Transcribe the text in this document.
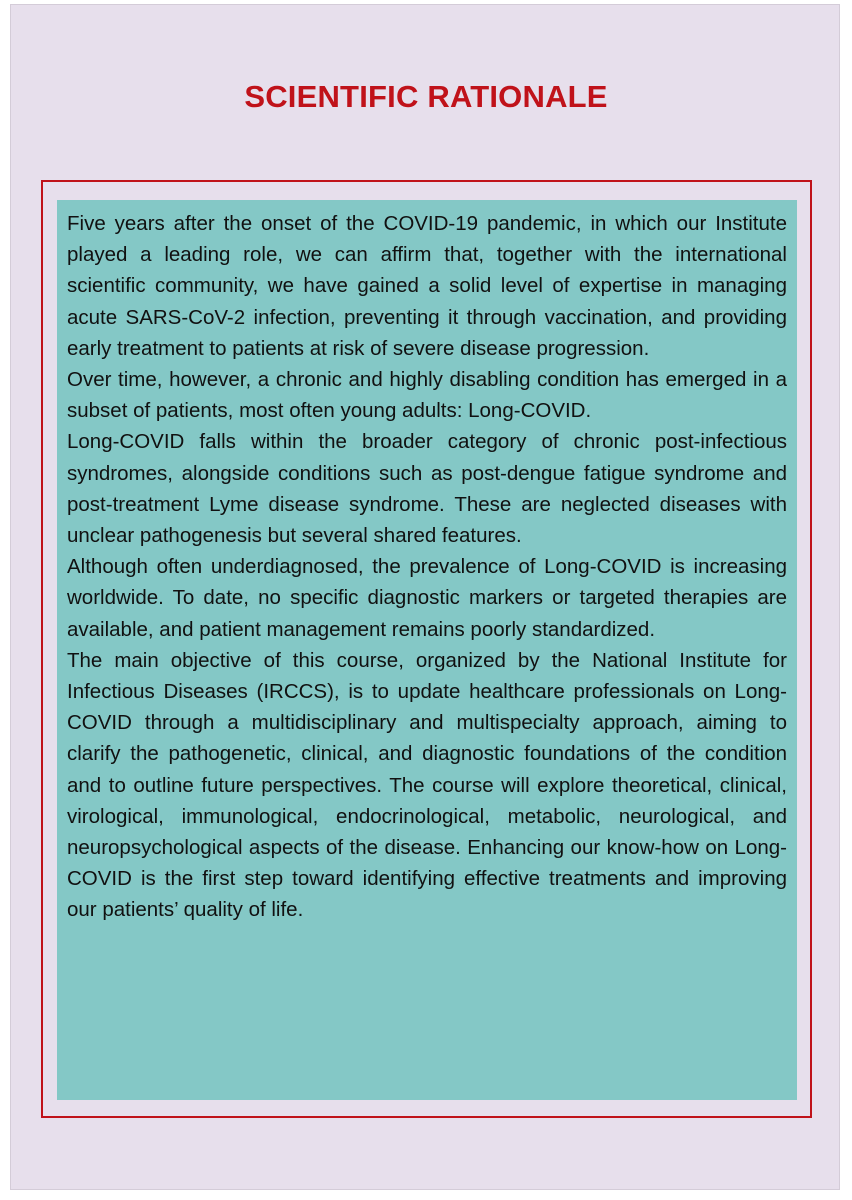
SCIENTIFIC RATIONALE

Five years after the onset of the COVID-19 pandemic, in which our Institute played a leading role, we can affirm that, together with the international scientific community, we have gained a solid level of expertise in managing acute SARS-CoV-2 infection, preventing it through vaccination, and providing early treatment to patients at risk of severe disease progression.

Over time, however, a chronic and highly disabling condition has emerged in a subset of patients, most often young adults: Long-COVID.

Long-COVID falls within the broader category of chronic post-infectious syndromes, alongside conditions such as post-dengue fatigue syndrome and post-treatment Lyme disease syndrome. These are neglected diseases with unclear pathogenesis but several shared features.

Although often underdiagnosed, the prevalence of Long-COVID is increasing worldwide. To date, no specific diagnostic markers or targeted therapies are available, and patient management remains poorly standardized.

The main objective of this course, organized by the National Institute for Infectious Diseases (IRCCS), is to update healthcare professionals on Long-COVID through a multidisciplinary and multispecialty approach, aiming to clarify the pathogenetic, clinical, and diagnostic foundations of the condition and to outline future perspectives. The course will explore theoretical, clinical, virological, immunological, endocrinological, metabolic, neurological, and neuropsychological aspects of the disease. Enhancing our know-how on Long-COVID is the first step toward identifying effective treatments and improving our patients’ quality of life.
